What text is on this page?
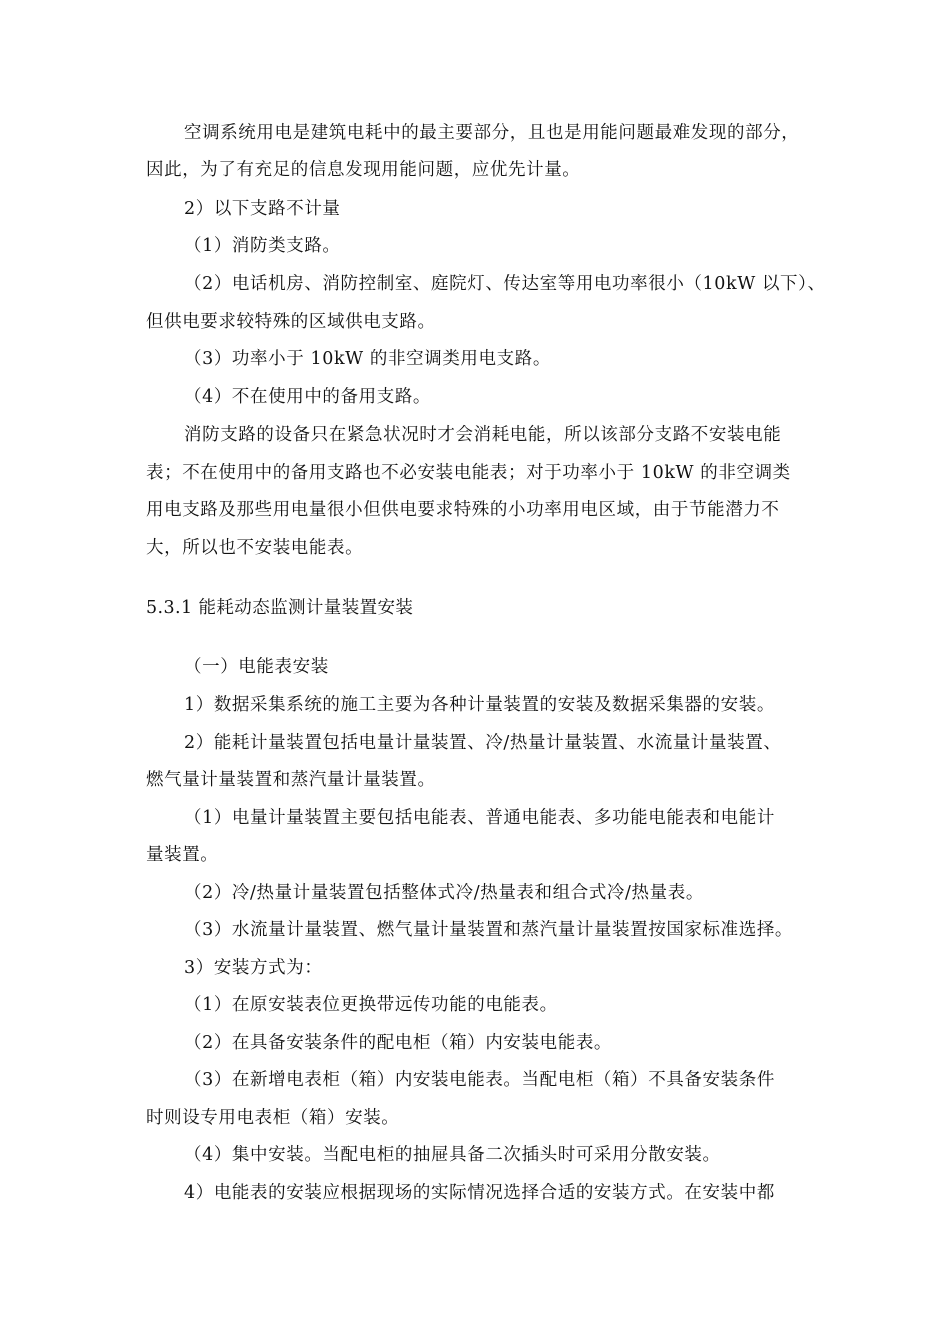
空调系统用电是建筑电耗中的最主要部分，且也是用能问题最难发现的部分，
因此，为了有充足的信息发现用能问题，应优先计量。
2）以下支路不计量
（1）消防类支路。
（2）电话机房、消防控制室、庭院灯、传达室等用电功率很小（10kW 以下）、
但供电要求较特殊的区域供电支路。
（3）功率小于 10kW 的非空调类用电支路。
（4）不在使用中的备用支路。
消防支路的设备只在紧急状况时才会消耗电能，所以该部分支路不安装电能
表；不在使用中的备用支路也不必安装电能表；对于功率小于 10kW 的非空调类
用电支路及那些用电量很小但供电要求特殊的小功率用电区域，由于节能潜力不
大，所以也不安装电能表。
5.3.1 能耗动态监测计量装置安装
（一）电能表安装
1）数据采集系统的施工主要为各种计量装置的安装及数据采集器的安装。
2）能耗计量装置包括电量计量装置、冷/热量计量装置、水流量计量装置、
燃气量计量装置和蒸汽量计量装置。
（1）电量计量装置主要包括电能表、普通电能表、多功能电能表和电能计
量装置。
（2）冷/热量计量装置包括整体式冷/热量表和组合式冷/热量表。
（3）水流量计量装置、燃气量计量装置和蒸汽量计量装置按国家标准选择。
3）安装方式为：
（1）在原安装表位更换带远传功能的电能表。
（2）在具备安装条件的配电柜（箱）内安装电能表。
（3）在新增电表柜（箱）内安装电能表。当配电柜（箱）不具备安装条件
时则设专用电表柜（箱）安装。
（4）集中安装。当配电柜的抽屉具备二次插头时可采用分散安装。
4）电能表的安装应根据现场的实际情况选择合适的安装方式。在安装中都
